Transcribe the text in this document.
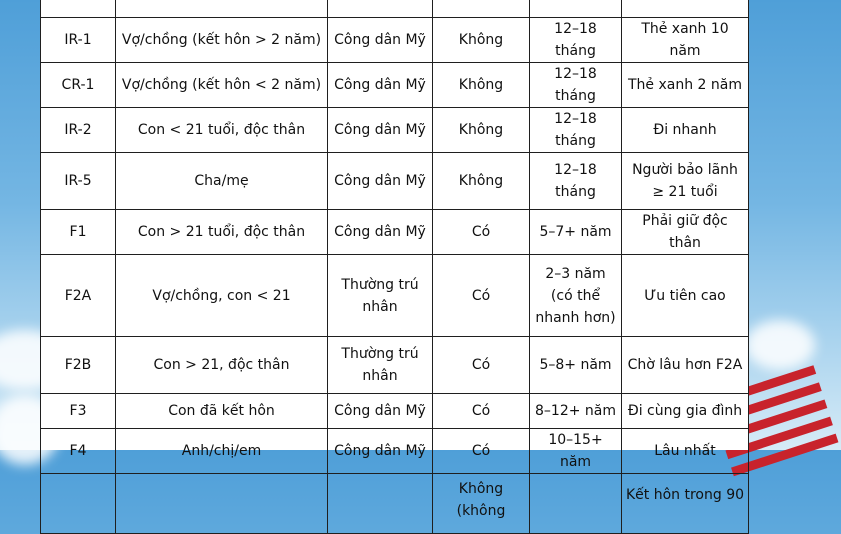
IR-1	Vợ/chồng (kết hôn > 2 năm)	Công dân Mỹ	Không	12–18 tháng	Thẻ xanh 10 năm
CR-1	Vợ/chồng (kết hôn < 2 năm)	Công dân Mỹ	Không	12–18 tháng	Thẻ xanh 2 năm
IR-2	Con < 21 tuổi, độc thân	Công dân Mỹ	Không	12–18 tháng	Đi nhanh
IR-5	Cha/mẹ	Công dân Mỹ	Không	12–18 tháng	Người bảo lãnh ≥ 21 tuổi
F1	Con > 21 tuổi, độc thân	Công dân Mỹ	Có	5–7+ năm	Phải giữ độc thân
F2A	Vợ/chồng, con < 21	Thường trú nhân	Có	2–3 năm (có thể nhanh hơn)	Ưu tiên cao
F2B	Con > 21, độc thân	Thường trú nhân	Có	5–8+ năm	Chờ lâu hơn F2A
F3	Con đã kết hôn	Công dân Mỹ	Có	8–12+ năm	Đi cùng gia đình
F4	Anh/chị/em	Công dân Mỹ	Có	10–15+ năm	Lâu nhất
			Không (không		Kết hôn trong 90
